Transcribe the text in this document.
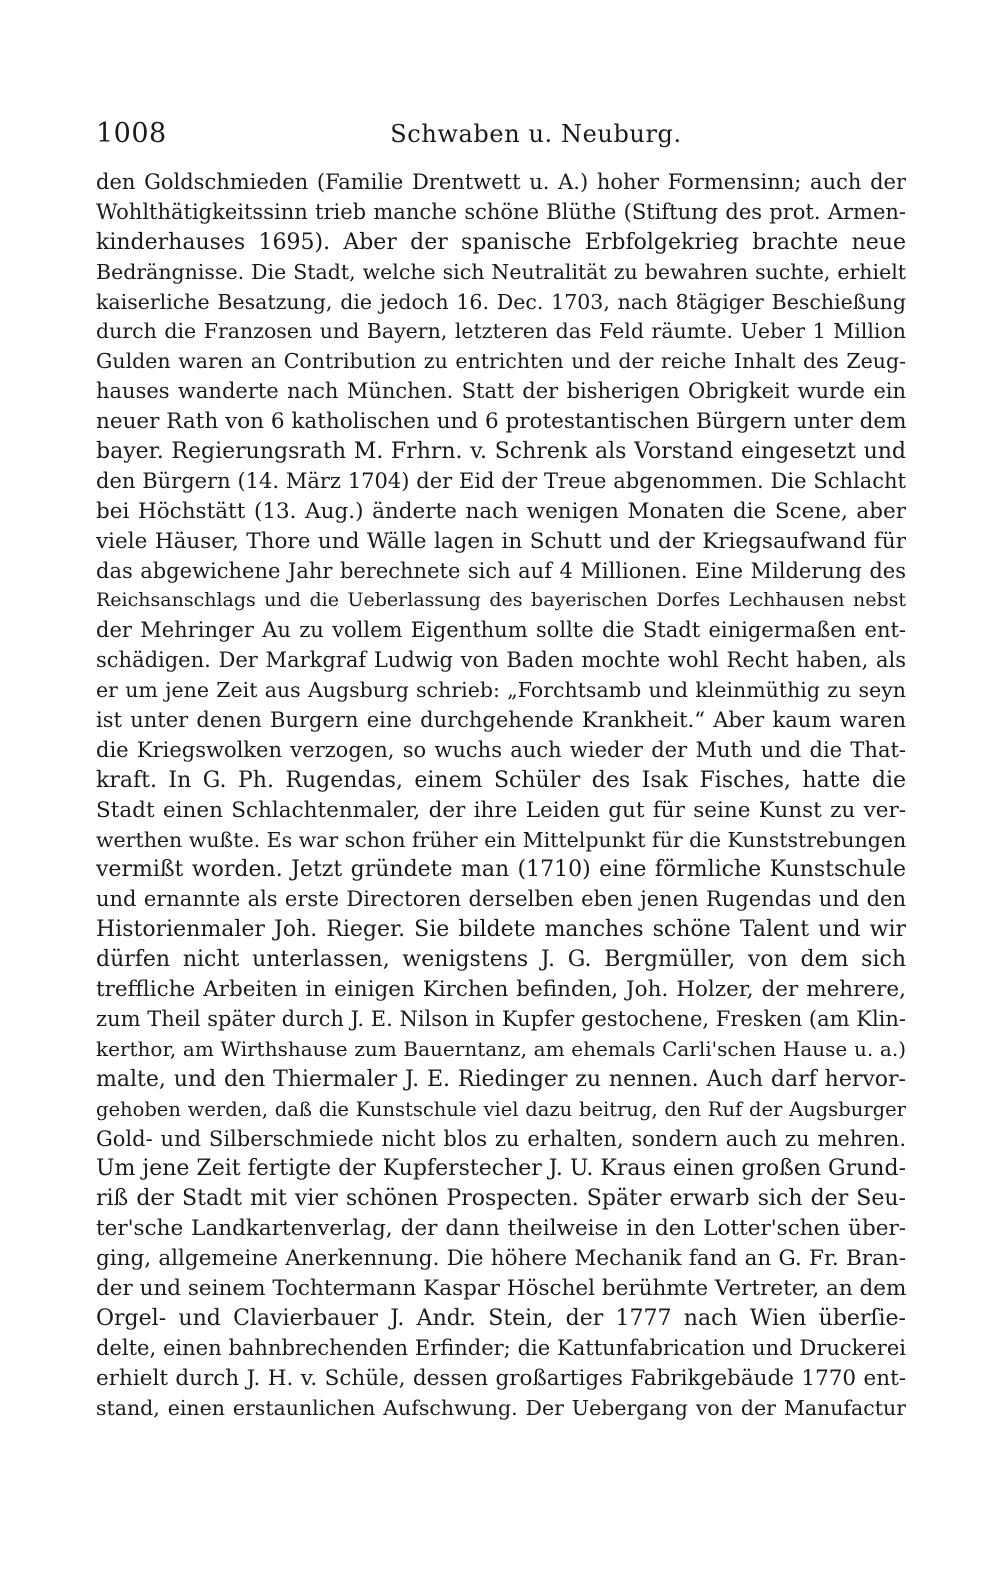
1008	Schwaben u. Neuburg.
den Goldschmieden (Familie Drentwett u. A.) hoher Formensinn; auch der
Wohlthätigkeitssinn trieb manche schöne Blüthe (Stiftung des prot. Armen-
kinderhauses 1695). Aber der spanische Erbfolgekrieg brachte neue
Bedrängnisse. Die Stadt, welche sich Neutralität zu bewahren suchte, erhielt
kaiserliche Besatzung, die jedoch 16. Dec. 1703, nach 8tägiger Beschießung
durch die Franzosen und Bayern, letzteren das Feld räumte. Ueber 1 Million
Gulden waren an Contribution zu entrichten und der reiche Inhalt des Zeug-
hauses wanderte nach München. Statt der bisherigen Obrigkeit wurde ein
neuer Rath von 6 katholischen und 6 protestantischen Bürgern unter dem
bayer. Regierungsrath M. Frhrn. v. Schrenk als Vorstand eingesetzt und
den Bürgern (14. März 1704) der Eid der Treue abgenommen. Die Schlacht
bei Höchstätt (13. Aug.) änderte nach wenigen Monaten die Scene, aber
viele Häuser, Thore und Wälle lagen in Schutt und der Kriegsaufwand für
das abgewichene Jahr berechnete sich auf 4 Millionen. Eine Milderung des
Reichsanschlags und die Ueberlassung des bayerischen Dorfes Lechhausen nebst
der Mehringer Au zu vollem Eigenthum sollte die Stadt einigermaßen ent-
schädigen. Der Markgraf Ludwig von Baden mochte wohl Recht haben, als
er um jene Zeit aus Augsburg schrieb: „Forchtsamb und kleinmüthig zu seyn
ist unter denen Burgern eine durchgehende Krankheit.“ Aber kaum waren
die Kriegswolken verzogen, so wuchs auch wieder der Muth und die That-
kraft. In G. Ph. Rugendas, einem Schüler des Isak Fisches, hatte die
Stadt einen Schlachtenmaler, der ihre Leiden gut für seine Kunst zu ver-
werthen wußte. Es war schon früher ein Mittelpunkt für die Kunststrebungen
vermißt worden. Jetzt gründete man (1710) eine förmliche Kunstschule
und ernannte als erste Directoren derselben eben jenen Rugendas und den
Historienmaler Joh. Rieger. Sie bildete manches schöne Talent und wir
dürfen nicht unterlassen, wenigstens J. G. Bergmüller, von dem sich
treffliche Arbeiten in einigen Kirchen befinden, Joh. Holzer, der mehrere,
zum Theil später durch J. E. Nilson in Kupfer gestochene, Fresken (am Klin-
kerthor, am Wirthshause zum Bauerntanz, am ehemals Carli'schen Hause u. a.)
malte, und den Thiermaler J. E. Riedinger zu nennen. Auch darf hervor-
gehoben werden, daß die Kunstschule viel dazu beitrug, den Ruf der Augsburger
Gold- und Silberschmiede nicht blos zu erhalten, sondern auch zu mehren.
Um jene Zeit fertigte der Kupferstecher J. U. Kraus einen großen Grund-
riß der Stadt mit vier schönen Prospecten. Später erwarb sich der Seu-
ter'sche Landkartenverlag, der dann theilweise in den Lotter'schen über-
ging, allgemeine Anerkennung. Die höhere Mechanik fand an G. Fr. Bran-
der und seinem Tochtermann Kaspar Höschel berühmte Vertreter, an dem
Orgel- und Clavierbauer J. Andr. Stein, der 1777 nach Wien überſie-
delte, einen bahnbrechenden Erfinder; die Kattunfabrication und Druckerei
erhielt durch J. H. v. Schüle, dessen großartiges Fabrikgebäude 1770 ent-
stand, einen erstaunlichen Aufschwung. Der Uebergang von der Manufactur
